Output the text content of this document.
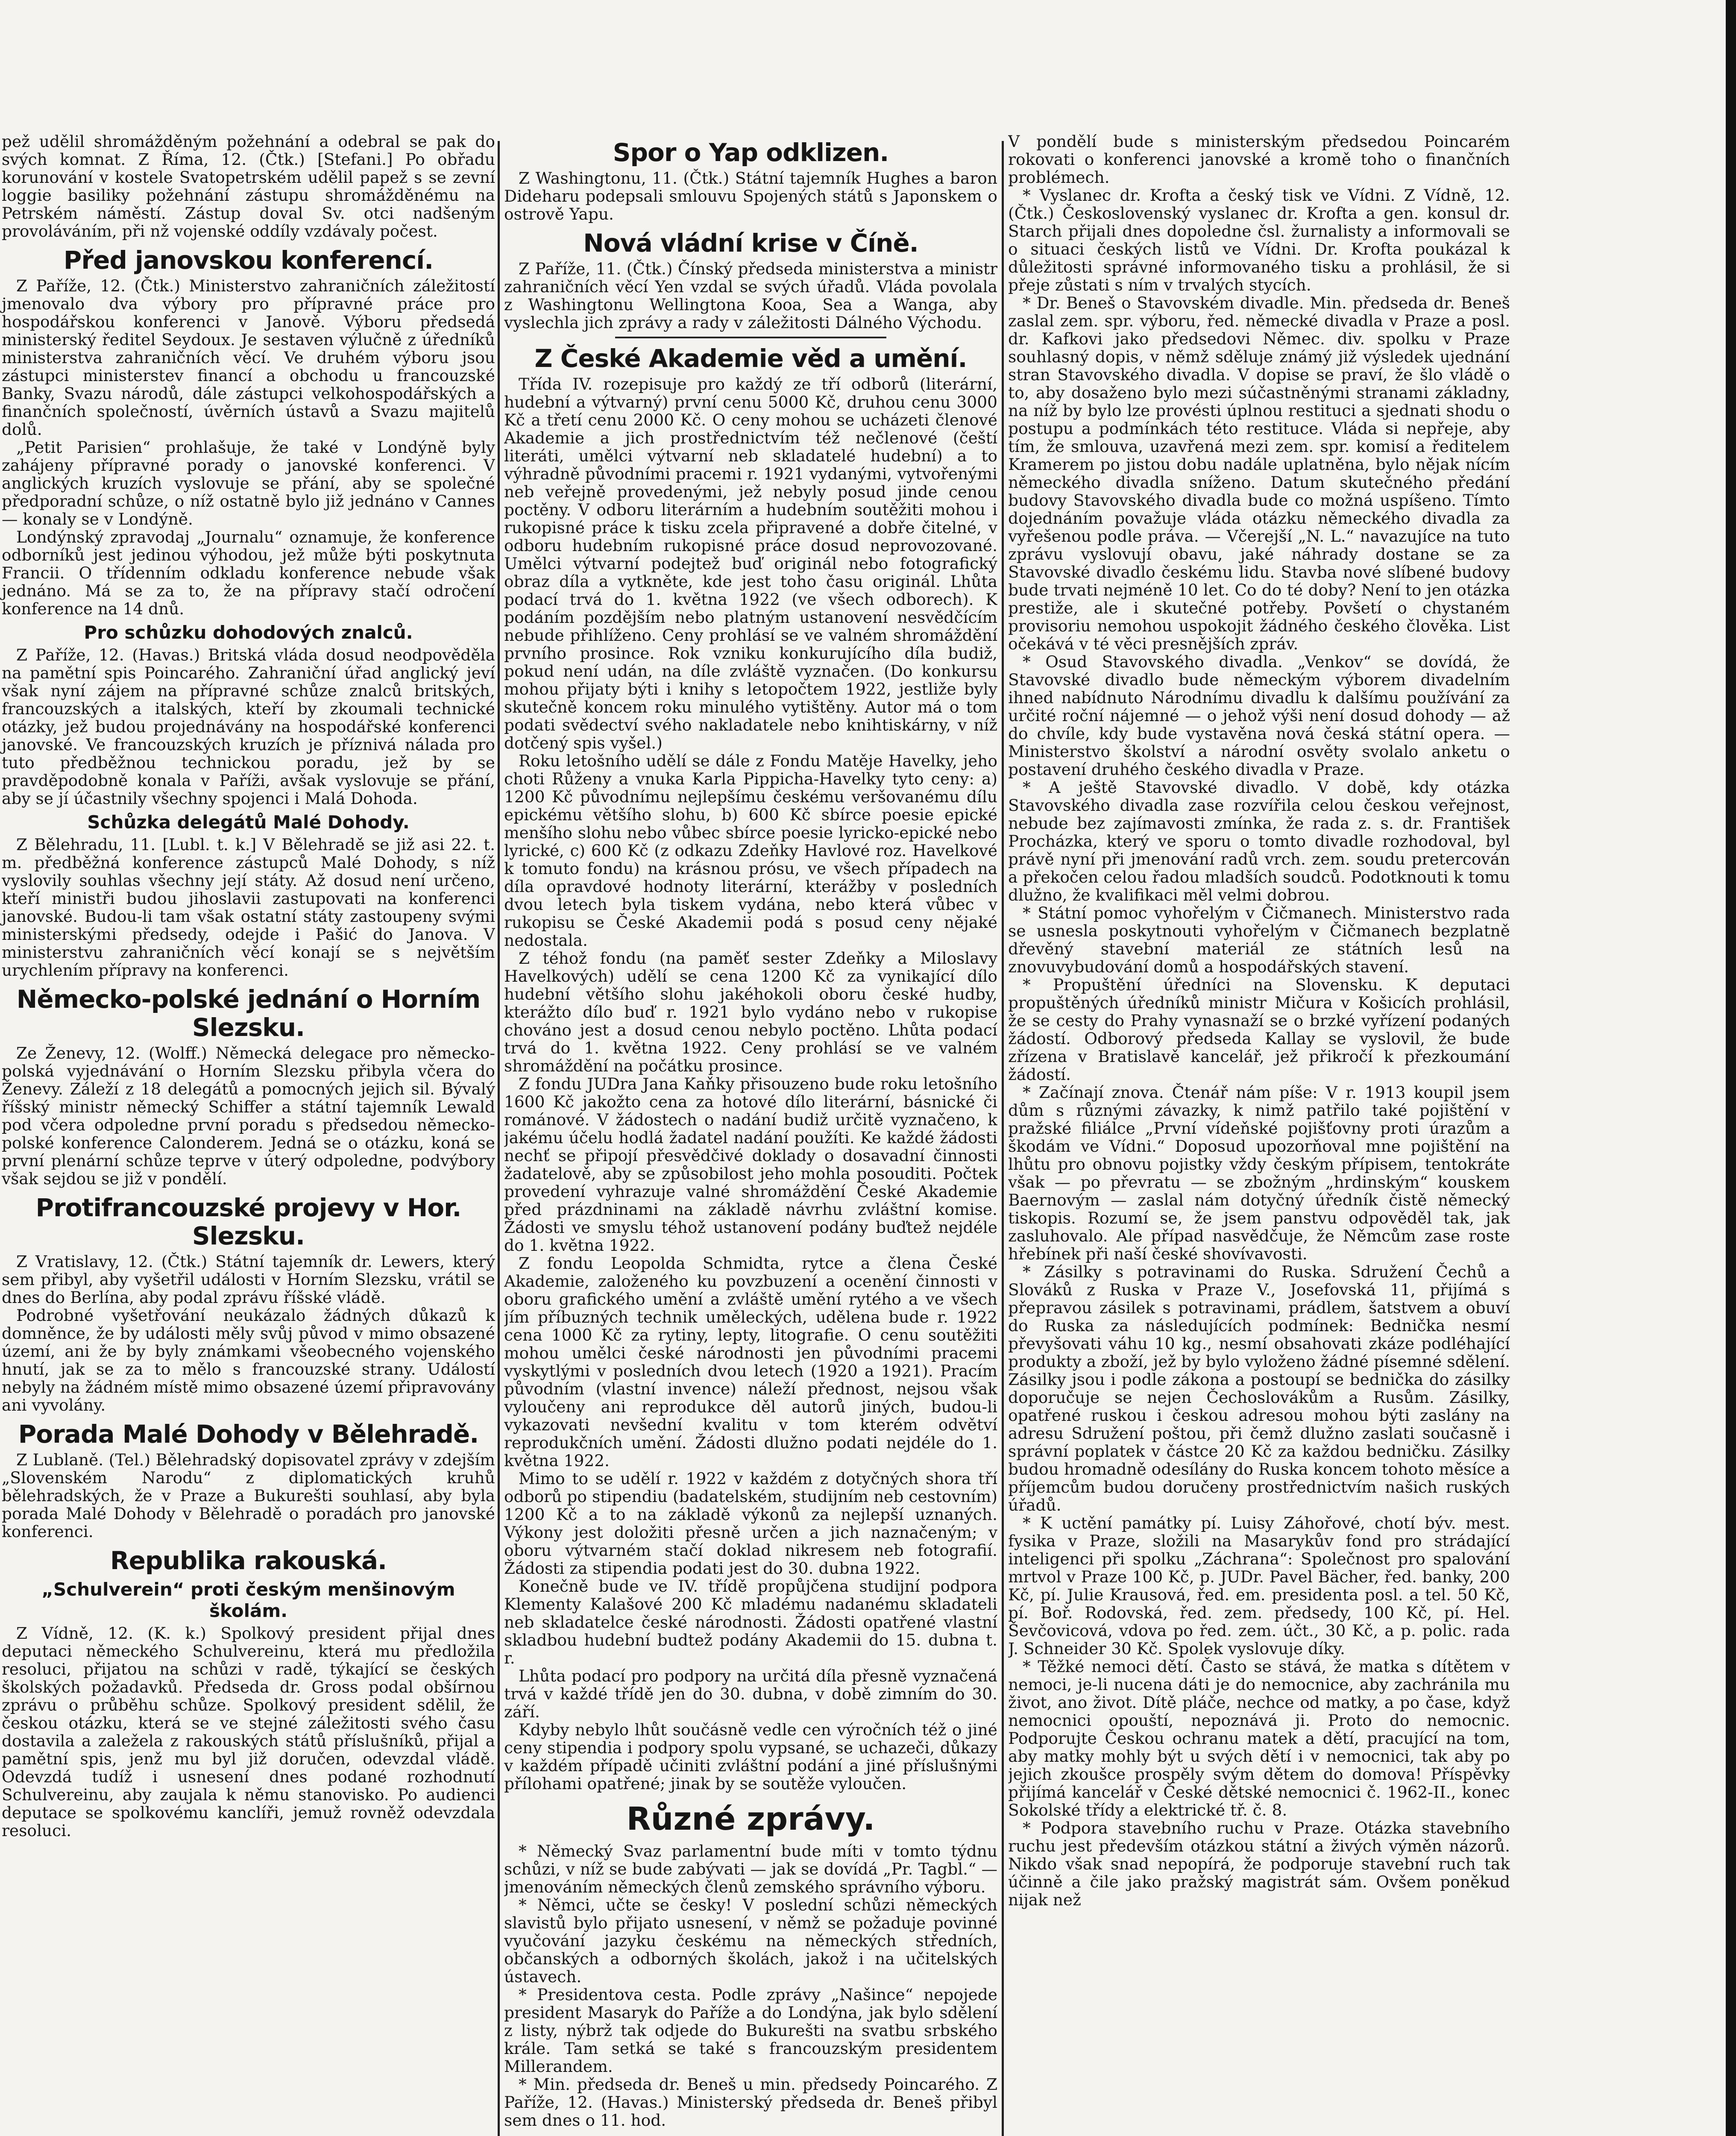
pež udělil shromážděným požehnání a odebral se pak do svých komnat. Z Říma, 12. (Čtk.) [Stefani.] Po obřadu korunování v kostele Svatopetrském udělil papež s se zevní loggie basiliky požehnání zástupu shromážděnému na Petrském náměstí. Zástup doval Sv. otci nadšeným provoláváním, při nž vojenské oddíly vzdávaly počest.

Před janovskou konferencí.

Z Paříže, 12. (Čtk.) Ministerstvo zahraničních záležitostí jmenovalo dva výbory pro přípravné práce pro hospodářskou konferenci v Janově. Výboru předsedá ministerský ředitel Seydoux. Je sestaven výlučně z úředníků ministerstva zahraničních věcí. Ve druhém výboru jsou zástupci ministerstev financí a obchodu u francouzské Banky, Svazu národů, dále zástupci velkohospodářských a finančních společností, úvěrních ústavů a Svazu majitelů dolů.

„Petit Parisien“ prohlašuje, že také v Londýně byly zahájeny přípravné porady o janovské konferenci. V anglických kruzích vyslovuje se přání, aby se společné předporadní schůze, o níž ostatně bylo již jednáno v Cannes — konaly se v Londýně.

Londýnský zpravodaj „Journalu“ oznamuje, že konference odborníků jest jedinou výhodou, jež může býti poskytnuta Francii. O třídenním odkladu konference nebude však jednáno. Má se za to, že na přípravy stačí odročení konference na 14 dnů.

Pro schůzku dohodových znalců.

Z Paříže, 12. (Havas.) Britská vláda dosud neodpověděla na pamětní spis Poincarého. Zahraniční úřad anglický jeví však nyní zájem na přípravné schůze znalců britských, francouzských a italských, kteří by zkoumali technické otázky, jež budou projednávány na hospodářské konferenci janovské. Ve francouzských kruzích je příznivá nálada pro tuto předběžnou technickou poradu, jež by se pravděpodobně konala v Paříži, avšak vyslovuje se přání, aby se jí účastnily všechny spojenci i Malá Dohoda.

Schůzka delegátů Malé Dohody.

Z Bělehradu, 11. [Lubl. t. k.] V Bělehradě se již asi 22. t. m. předběžná konference zástupců Malé Dohody, s níž vyslovily souhlas všechny její státy. Až dosud není určeno, kteří ministři budou jihoslavii zastupovati na konferenci janovské. Budou-li tam však ostatní státy zastoupeny svými ministerskými předsedy, odejde i Pašić do Janova. V ministerstvu zahraničních věcí konají se s největším urychlením přípravy na konferenci.

Německo-polské jednání o Horním Slezsku.

Ze Ženevy, 12. (Wolff.) Německá delegace pro německo-polská vyjednávání o Horním Slezsku přibyla včera do Ženevy. Záleží z 18 delegátů a pomocných jejich sil. Bývalý říšský ministr německý Schiffer a státní tajemník Lewald pod včera odpoledne první poradu s předsedou německo-polské konference Calonderem. Jedná se o otázku, koná se první plenární schůze teprve v úterý odpoledne, podvýbory však sejdou se již v pondělí.

Protifrancouzské projevy v Hor. Slezsku.

Z Vratislavy, 12. (Čtk.) Státní tajemník dr. Lewers, který sem přibyl, aby vyšetřil události v Horním Slezsku, vrátil se dnes do Berlína, aby podal zprávu říšské vládě.

Podrobné vyšetřování neukázalo žádných důkazů k domněnce, že by události měly svůj původ v mimo obsazené území, ani že by byly známkami všeobecného vojenského hnutí, jak se za to mělo s francouzské strany. Událostí nebyly na žádném místě mimo obsazené území připravovány ani vyvolány.

Porada Malé Dohody v Bělehradě.

Z Lublaně. (Tel.) Bělehradský dopisovatel zprávy v zdejším „Slovenském Narodu“ z diplomatických kruhů bělehradských, že v Praze a Bukurešti souhlasí, aby byla porada Malé Dohody v Bělehradě o poradách pro janovské konferenci.

Republika rakouská.
„Schulverein“ proti českým menšinovým školám.

Z Vídně, 12. (K. k.) Spolkový president přijal dnes deputaci německého Schulvereinu, která mu předložila resoluci, přijatou na schůzi v radě, týkající se českých školských požadavků. Předseda dr. Gross podal obšírnou zprávu o průběhu schůze. Spolkový president sdělil, že českou otázku, která se ve stejné záležitosti svého času dostavila a zaležela z rakouských států příslušníků, přijal a pamětní spis, jenž mu byl již doručen, odevzdal vládě. Odevzdá tudíž i usnesení dnes podané rozhodnutí Schulvereinu, aby zaujala k němu stanovisko. Po audienci deputace se spolkovému kanclíři, jemuž rovněž odevzdala resoluci.

Spor o Yap odklizen.

Z Washingtonu, 11. (Čtk.) Státní tajemník Hughes a baron Dideharu podepsali smlouvu Spojených států s Japonskem o ostrově Yapu.

Nová vládní krise v Číně.

Z Paříže, 11. (Čtk.) Čínský předseda ministerstva a ministr zahraničních věcí Yen vzdal se svých úřadů. Vláda povolala z Washingtonu Wellingtona Kooa, Sea a Wanga, aby vyslechla jich zprávy a rady v záležitosti Dálného Východu.

Z České Akademie věd a umění.

Třída IV. rozepisuje pro každý ze tří odborů (literární, hudební a výtvarný) první cenu 5000 Kč, druhou cenu 3000 Kč a třetí cenu 2000 Kč. O ceny mohou se ucházeti členové Akademie a jich prostřednictvím též nečlenové (čeští literáti, umělci výtvarní neb skladatelé hudební) a to výhradně původními pracemi r. 1921 vydanými, vytvořenými neb veřejně provedenými, jež nebyly posud jinde cenou poctěny. V odboru literárním a hudebním soutěžiti mohou i rukopisné práce k tisku zcela připravené a dobře čitelné, v odboru hudebním rukopisné práce dosud neprovozované. Umělci výtvarní podejtež buď originál nebo fotografický obraz díla a vytkněte, kde jest toho času originál. Lhůta podací trvá do 1. května 1922 (ve všech odborech). K podáním pozdějším nebo platným ustanovení nesvědčícím nebude přihlíženo. Ceny prohlásí se ve valném shromáždění prvního prosince. Rok vzniku konkurujícího díla budiž, pokud není udán, na díle zvláště vyznačen. (Do konkursu mohou přijaty býti i knihy s letopočtem 1922, jestliže byly skutečně koncem roku minulého vytištěny. Autor má o tom podati svědectví svého nakladatele nebo knihtiskárny, v níž dotčený spis vyšel.)

Roku letošního udělí se dále z Fondu Matěje Havelky, jeho choti Růženy a vnuka Karla Pippicha-Havelky tyto ceny: a) 1200 Kč původnímu nejlepšímu českému veršovanému dílu epickému většího slohu, b) 600 Kč sbírce poesie epické menšího slohu nebo vůbec sbírce poesie lyricko-epické nebo lyrické, c) 600 Kč (z odkazu Zdeňky Havlové roz. Havelkové k tomuto fondu) na krásnou prósu, ve všech případech na díla opravdové hodnoty literární, kterážby v posledních dvou letech byla tiskem vydána, nebo která vůbec v rukopisu se České Akademii podá s posud ceny nějaké nedostala.

Z téhož fondu (na paměť sester Zdeňky a Miloslavy Havelkových) udělí se cena 1200 Kč za vynikající dílo hudební většího slohu jakéhokoli oboru české hudby, kterážto dílo buď r. 1921 bylo vydáno nebo v rukopise chováno jest a dosud cenou nebylo poctěno. Lhůta podací trvá do 1. května 1922. Ceny prohlásí se ve valném shromáždění na počátku prosince.

Z fondu JUDra Jana Kaňky přisouzeno bude roku letošního 1600 Kč jakožto cena za hotové dílo literární, básnické či románové. V žádostech o nadání budiž určitě vyznačeno, k jakému účelu hodlá žadatel nadání použíti. Ke každé žádosti nechť se připojí přesvědčivé doklady o dosavadní činnosti žadatelově, aby se způsobilost jeho mohla posouditi. Počtek provedení vyhrazuje valné shromáždění České Akademie před prázdninami na základě návrhu zvláštní komise. Žádosti ve smyslu téhož ustanovení podány buďtež nejdéle do 1. května 1922.

Z fondu Leopolda Schmidta, rytce a člena České Akademie, založeného ku povzbuzení a ocenění činnosti v oboru grafického umění a zvláště umění rytého a ve všech jím příbuzných technik uměleckých, udělena bude r. 1922 cena 1000 Kč za rytiny, lepty, litografie. O cenu soutěžiti mohou umělci české národnosti jen původními pracemi vyskytlými v posledních dvou letech (1920 a 1921). Pracím původním (vlastní invence) náleží přednost, nejsou však vyloučeny ani reprodukce děl autorů jiných, budou-li vykazovati nevšední kvalitu v tom kterém odvětví reprodukčních umění. Žádosti dlužno podati nejdéle do 1. května 1922.

Mimo to se udělí r. 1922 v každém z dotyčných shora tří odborů po stipendiu (badatelském, studijním neb cestovním) 1200 Kč a to na základě výkonů za nejlepší uznaných. Výkony jest doložiti přesně určen a jich naznačeným; v oboru výtvarném stačí doklad nikresem neb fotografií. Žádosti za stipendia podati jest do 30. dubna 1922.

Konečně bude ve IV. třídě propůjčena studijní podpora Klementy Kalašové 200 Kč mladému nadanému skladateli neb skladatelce české národnosti. Žádosti opatřené vlastní skladbou hudební budtež podány Akademii do 15. dubna t. r.

Lhůta podací pro podpory na určitá díla přesně vyznačená trvá v každé třídě jen do 30. dubna, v době zimním do 30. září.

Kdyby nebylo lhůt součásně vedle cen výročních též o jiné ceny stipendia i podpory spolu vypsané, se uchazeči, důkazy v každém případě učiniti zvláštní podání a jiné příslušnými přílohami opatřené; jinak by se soutěže vyloučen.

Různé zprávy.

* Německý Svaz parlamentní bude míti v tomto týdnu schůzi, v níž se bude zabývati — jak se dovídá „Pr. Tagbl.“ — jmenováním německých členů zemského správního výboru.

* Němci, učte se česky! V poslední schůzi německých slavistů bylo přijato usnesení, v němž se požaduje povinné vyučování jazyku českému na německých středních, občanských a odborných školách, jakož i na učitelských ústavech.

* Presidentova cesta. Podle zprávy „Našince“ nepojede president Masaryk do Paříže a do Londýna, jak bylo sdělení z listy, nýbrž tak odjede do Bukurešti na svatbu srbského krále. Tam setká se také s francouzským presidentem Millerandem.

* Min. předseda dr. Beneš u min. předsedy Poincarého. Z Paříže, 12. (Havas.) Ministerský předseda dr. Beneš přibyl sem dnes o 11. hod.

V pondělí bude s ministerským předsedou Poincarém rokovati o konferenci janovské a kromě toho o finančních problémech.

* Vyslanec dr. Krofta a český tisk ve Vídni. Z Vídně, 12. (Čtk.) Československý vyslanec dr. Krofta a gen. konsul dr. Starch přijali dnes dopoledne čsl. žurnalisty a informovali se o situaci českých listů ve Vídni. Dr. Krofta poukázal k důležitosti správné informovaného tisku a prohlásil, že si přeje zůstati s ním v trvalých stycích.

* Dr. Beneš o Stavovském divadle. Min. předseda dr. Beneš zaslal zem. spr. výboru, řed. německé divadla v Praze a posl. dr. Kafkovi jako předsedovi Němec. div. spolku v Praze souhlasný dopis, v němž sděluje známý již výsledek ujednání stran Stavovského divadla. V dopise se praví, že šlo vládě o to, aby dosaženo bylo mezi súčastněnými stranami základny, na níž by bylo lze provésti úplnou restituci a sjednati shodu o postupu a podmínkách této restituce. Vláda si nepřeje, aby tím, že smlouva, uzavřená mezi zem. spr. komisí a ředitelem Kramerem po jistou dobu nadále uplatněna, bylo nějak nícím německého divadla sníženo. Datum skutečného předání budovy Stavovského divadla bude co možná uspíšeno. Tímto dojednáním považuje vláda otázku německého divadla za vyřešenou podle práva. — Včerejší „N. L.“ navazujíce na tuto zprávu vyslovují obavu, jaké náhrady dostane se za Stavovské divadlo českému lidu. Stavba nové slíbené budovy bude trvati nejméně 10 let. Co do té doby? Není to jen otázka prestiže, ale i skutečné potřeby. Povšetí o chystaném provisoriu nemohou uspokojit žádného českého člověka. List očekává v té věci presnějších zpráv.

* Osud Stavovského divadla. „Venkov“ se dovídá, že Stavovské divadlo bude německým výborem divadelním ihned nabídnuto Národnímu divadlu k dalšímu používání za určité roční nájemné — o jehož výši není dosud dohody — až do chvíle, kdy bude vystavěna nová česká státní opera. — Ministerstvo školství a národní osvěty svolalo anketu o postavení druhého českého divadla v Praze.

* A ještě Stavovské divadlo. V době, kdy otázka Stavovského divadla zase rozvířila celou českou veřejnost, nebude bez zajímavosti zmínka, že rada z. s. dr. František Procházka, který ve sporu o tomto divadle rozhodoval, byl právě nyní při jmenování radů vrch. zem. soudu pretercován a překočen celou řadou mladších soudců. Podotknouti k tomu dlužno, že kvalifikaci měl velmi dobrou.

* Státní pomoc vyhořelým v Čičmanech. Ministerstvo rada se usnesla poskytnouti vyhořelým v Čičmanech bezplatně dřevěný stavební materiál ze státních lesů na znovuvybudování domů a hospodářských stavení.

* Propuštění úředníci na Slovensku. K deputaci propuštěných úředníků ministr Mičura v Košicích prohlásil, že se cesty do Prahy vynasnaží se o brzké vyřízení podaných žádostí. Odborový předseda Kallay se vyslovil, že bude zřízena v Bratislavě kancelář, jež přikročí k přezkoumání žádostí.

* Začínají znova. Čtenář nám píše: V r. 1913 koupil jsem dům s různými závazky, k nimž patřilo také pojištění v pražské filiálce „První vídeňské pojišťovny proti úrazům a škodám ve Vídni.“ Doposud upozorňoval mne pojištění na lhůtu pro obnovu pojistky vždy českým přípisem, tentokráte však — po převratu — se zbožným „hrdinským“ kouskem Baernovým — zaslal nám dotyčný úředník čistě německý tiskopis. Rozumí se, že jsem panstvu odpověděl tak, jak zasluhovalo. Ale případ nasvědčuje, že Němcům zase roste hřebínek při naší české shovívavosti.

* Zásilky s potravinami do Ruska. Sdružení Čechů a Slováků z Ruska v Praze V., Josefovská 11, přijímá s přepravou zásilek s potravinami, prádlem, šatstvem a obuví do Ruska za následujících podmínek: Bednička nesmí převyšovati váhu 10 kg., nesmí obsahovati zkáze podléhající produkty a zboží, jež by bylo vyloženo žádné písemné sdělení. Zásilky jsou i podle zákona a postoupí se bednička do zásilky doporučuje se nejen Čechoslovákům a Rusům. Zásilky, opatřené ruskou i českou adresou mohou býti zaslány na adresu Sdružení poštou, při čemž dlužno zaslati současně i správní poplatek v částce 20 Kč za každou bedničku. Zásilky budou hromadně odesílány do Ruska koncem tohoto měsíce a příjemcům budou doručeny prostřednictvím našich ruských úřadů.

* K uctění památky pí. Luisy Záhořové, chotí býv. mest. fysika v Praze, složili na Masarykův fond pro strádající inteligenci při spolku „Záchrana“: Společnost pro spalování mrtvol v Praze 100 Kč, p. JUDr. Pavel Bächer, řed. banky, 200 Kč, pí. Julie Krausová, řed. em. presidenta posl. a tel. 50 Kč, pí. Boř. Rodovská, řed. zem. předsedy, 100 Kč, pí. Hel. Ševčovicová, vdova po řed. zem. účt., 30 Kč, a p. polic. rada J. Schneider 30 Kč. Spolek vyslovuje díky.

* Těžké nemoci dětí. Často se stává, že matka s dítětem v nemoci, je-li nucena dáti je do nemocnice, aby zachránila mu život, ano život. Dítě pláče, nechce od matky, a po čase, když nemocnici opouští, nepoznává ji. Proto do nemocnic. Podporujte Českou ochranu matek a dětí, pracující na tom, aby matky mohly být u svých dětí i v nemocnici, tak aby po jejich zkoušce prospěly svým dětem do domova! Příspěvky přijímá kancelář v České dětské nemocnici č. 1962-II., konec Sokolské třídy a elektrické tř. č. 8.

* Podpora stavebního ruchu v Praze. Otázka stavebního ruchu jest především otázkou státní a živých výměn názorů. Nikdo však snad nepopírá, že podporuje stavební ruch tak účinně a čile jako pražský magistrát sám. Ovšem poněkud nijak než
